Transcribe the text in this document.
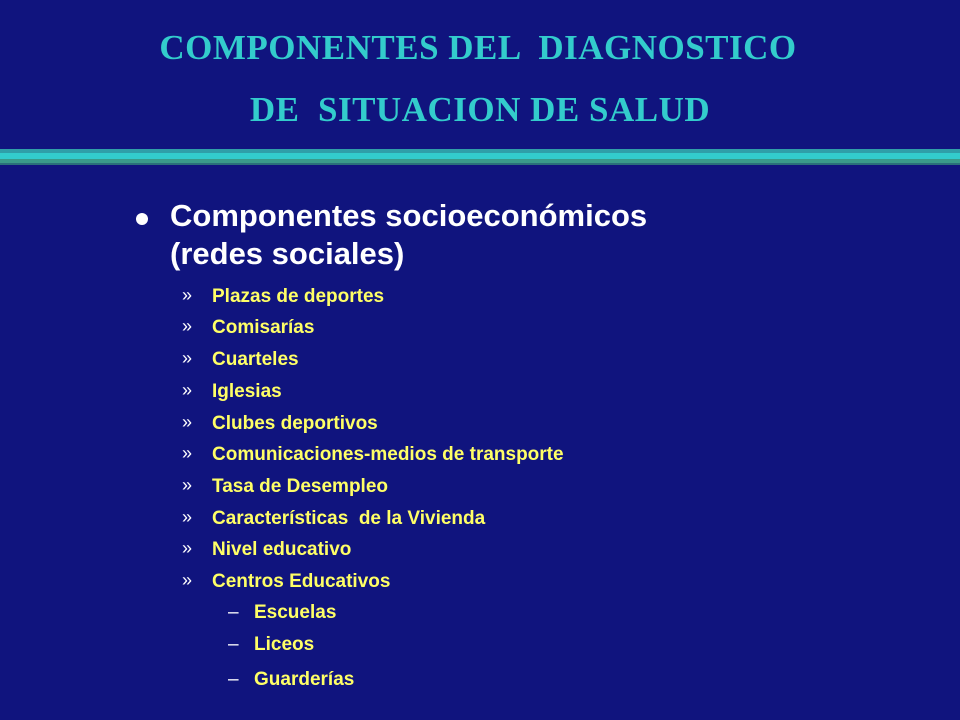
COMPONENTES DEL  DIAGNOSTICO
DE  SITUACION DE SALUD
Componentes socioeconómicos
(redes sociales)
» Plazas de deportes
» Comisarías
» Cuarteles
» Iglesias
» Clubes deportivos
» Comunicaciones-medios de transporte
» Tasa de Desempleo
» Características  de la Vivienda
» Nivel educativo
» Centros Educativos
– Escuelas
– Liceos
– Guarderías
